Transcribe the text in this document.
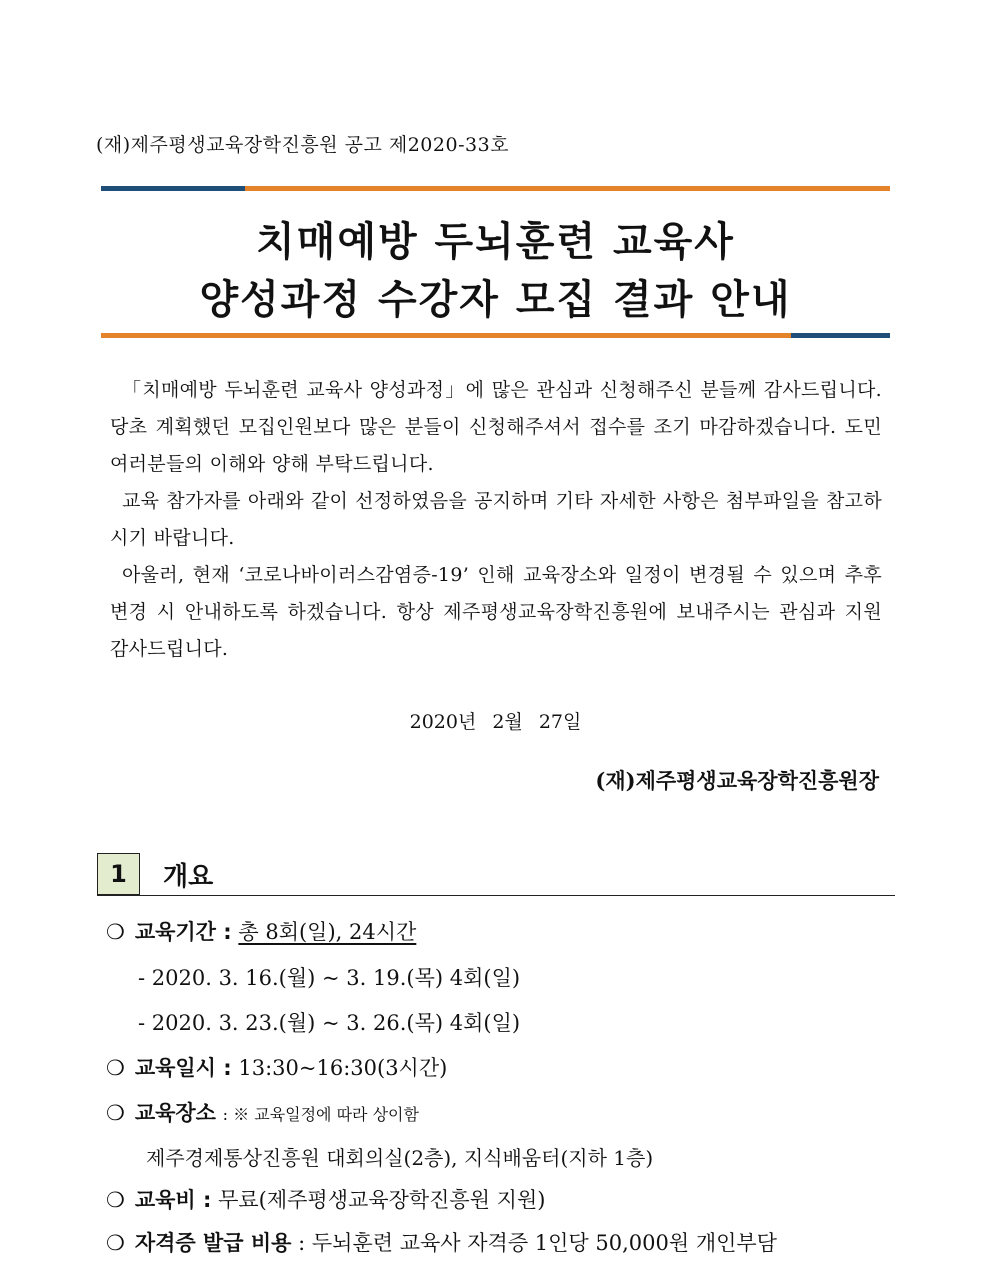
(재)제주평생교육장학진흥원 공고 제2020-33호
치매예방 두뇌훈련 교육사
양성과정 수강자 모집 결과 안내

「치매예방 두뇌훈련 교육사 양성과정」에 많은 관심과 신청해주신 분들께 감사드립니다. 당초 계획했던 모집인원보다 많은 분들이 신청해주셔서 접수를 조기 마감하겠습니다. 도민 여러분들의 이해와 양해 부탁드립니다.

교육 참가자를 아래와 같이 선정하였음을 공지하며 기타 자세한 사항은 첨부파일을 참고하시기 바랍니다.

아울러, 현재 ‘코로나바이러스감염증-19’ 인해 교육장소와 일정이 변경될 수 있으며 추후 변경 시 안내하도록 하겠습니다. 항상 제주평생교육장학진흥원에 보내주시는 관심과 지원 감사드립니다.

2020년 2월 27일
(재)제주평생교육장학진흥원장
1	개요
❍ 교육기간 : 총 8회(일), 24시간
- 2020. 3. 16.(월) ~ 3. 19.(목) 4회(일)
- 2020. 3. 23.(월) ~ 3. 26.(목) 4회(일)
❍ 교육일시 : 13:30~16:30(3시간)
❍ 교육장소 : ※ 교육일정에 따라 상이함
제주경제통상진흥원 대회의실(2층), 지식배움터(지하 1층)
❍ 교육비 : 무료(제주평생교육장학진흥원 지원)
❍ 자격증 발급 비용 : 두뇌훈련 교육사 자격증 1인당 50,000원 개인부담
